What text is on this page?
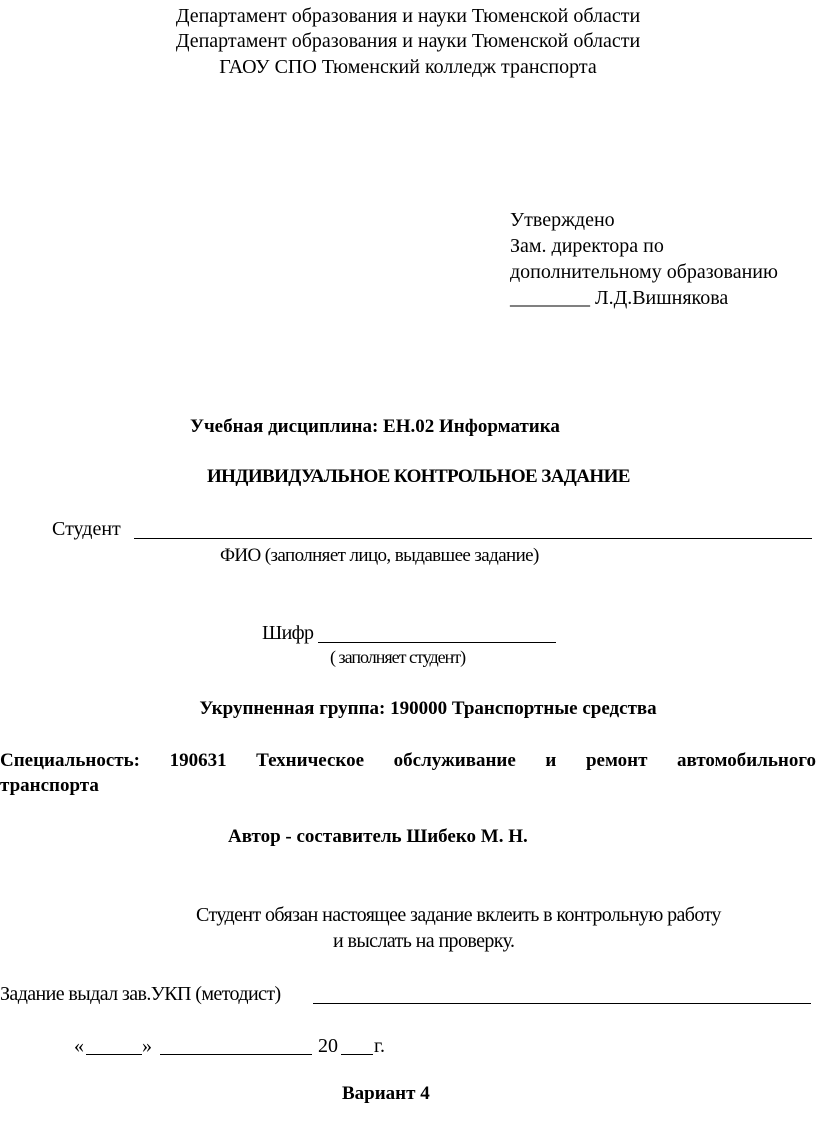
Департамент образования и науки Тюменской области
Департамент образования и науки Тюменской области
ГАОУ СПО Тюменский колледж транспорта
Утверждено
Зам. директора по
дополнительному образованию
________ Л.Д.Вишнякова
Учебная дисциплина: ЕН.02 Информатика
ИНДИВИДУАЛЬНОЕ КОНТРОЛЬНОЕ ЗАДАНИЕ
Студент
ФИО (заполняет лицо, выдавшее задание)
Шифр
( заполняет студент)
Укрупненная группа: 190000 Транспортные средства
Специальность: 190631 Техническое обслуживание и ремонт автомобильного
транспорта
Автор - составитель Шибеко М. Н.
Студент обязан настоящее задание вклеить в контрольную работу
и выслать на проверку.
Задание выдал зав.УКП (методист)
«	»	20 г.
Вариант 4
